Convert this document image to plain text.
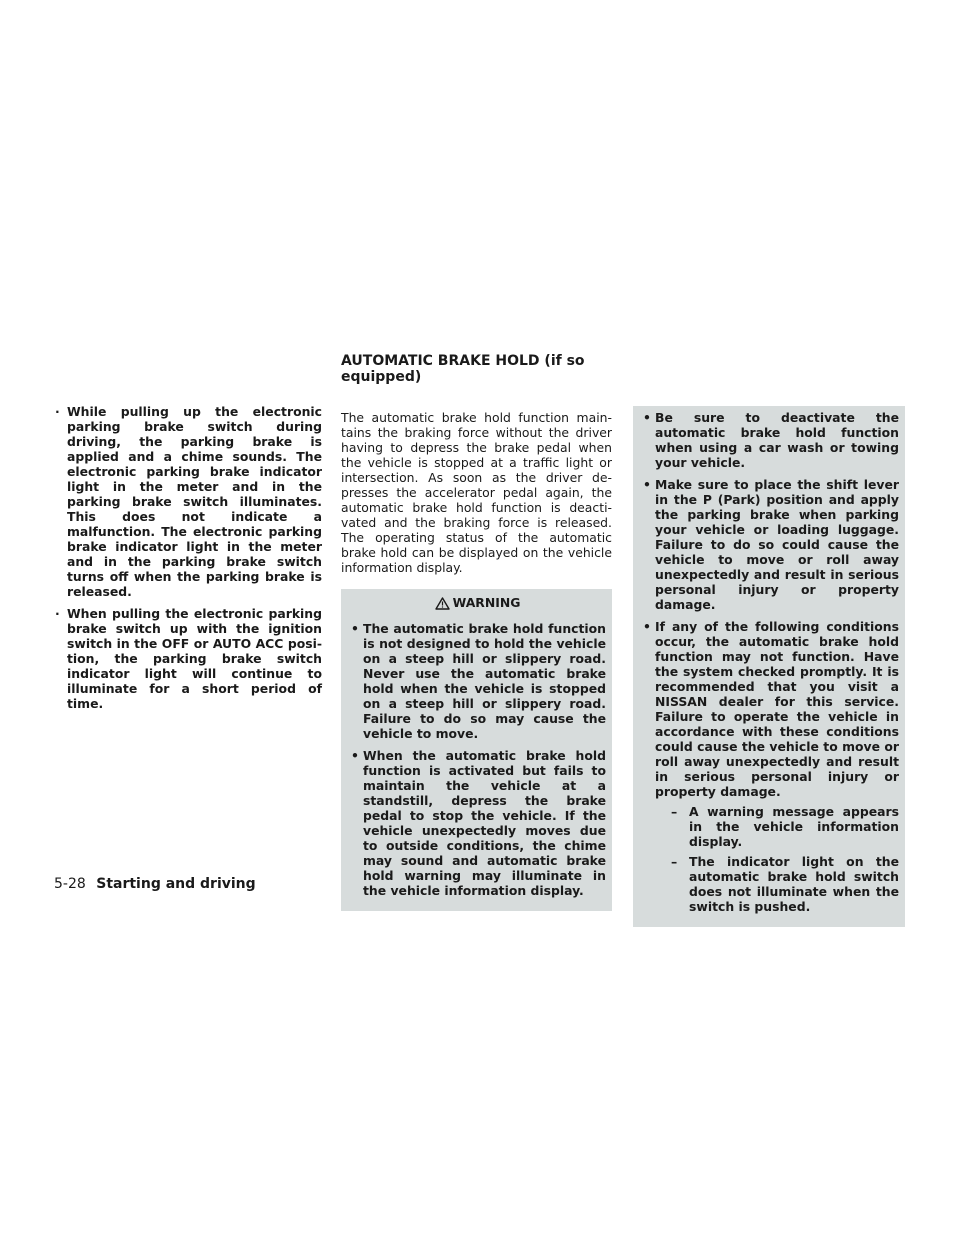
· While pulling up the electronic parking brake switch during driving, the parking brake is applied and a chime sounds. The electronic parking brake indicator light in the meter and in the parking brake switch illuminates. This does not indicate a malfunction. The electronic parking brake indicator light in the meter and in the parking brake switch turns off when the parking brake is released.
· When pulling the electronic parking brake switch up with the ignition switch in the OFF or AUTO ACC position, the parking brake switch indicator light will continue to illuminate for a short period of time.
AUTOMATIC BRAKE HOLD (if so equipped)

The automatic brake hold function maintains the braking force without the driver having to depress the brake pedal when the vehicle is stopped at a traffic light or intersection. As soon as the driver depresses the accelerator pedal again, the automatic brake hold function is deactivated and the braking force is released. The operating status of the automatic brake hold can be displayed on the vehicle information display.

WARNING
• The automatic brake hold function is not designed to hold the vehicle on a steep hill or slippery road. Never use the automatic brake hold when the vehicle is stopped on a steep hill or slippery road. Failure to do so may cause the vehicle to move.
• When the automatic brake hold function is activated but fails to maintain the vehicle at a standstill, depress the brake pedal to stop the vehicle. If the vehicle unexpectedly moves due to outside conditions, the chime may sound and automatic brake hold warning may illuminate in the vehicle information display.
• Be sure to deactivate the automatic brake hold function when using a car wash or towing your vehicle.
• Make sure to place the shift lever in the P (Park) position and apply the parking brake when parking your vehicle or loading luggage. Failure to do so could cause the vehicle to move or roll away unexpectedly and result in serious personal injury or property damage.
• If any of the following conditions occur, the automatic brake hold function may not function. Have the system checked promptly. It is recommended that you visit a NISSAN dealer for this service. Failure to operate the vehicle in accordance with these conditions could cause the vehicle to move or roll away unexpectedly and result in serious personal injury or property damage.
– A warning message appears in the vehicle information display.
– The indicator light on the automatic brake hold switch does not illuminate when the switch is pushed.
5-28 Starting and driving
